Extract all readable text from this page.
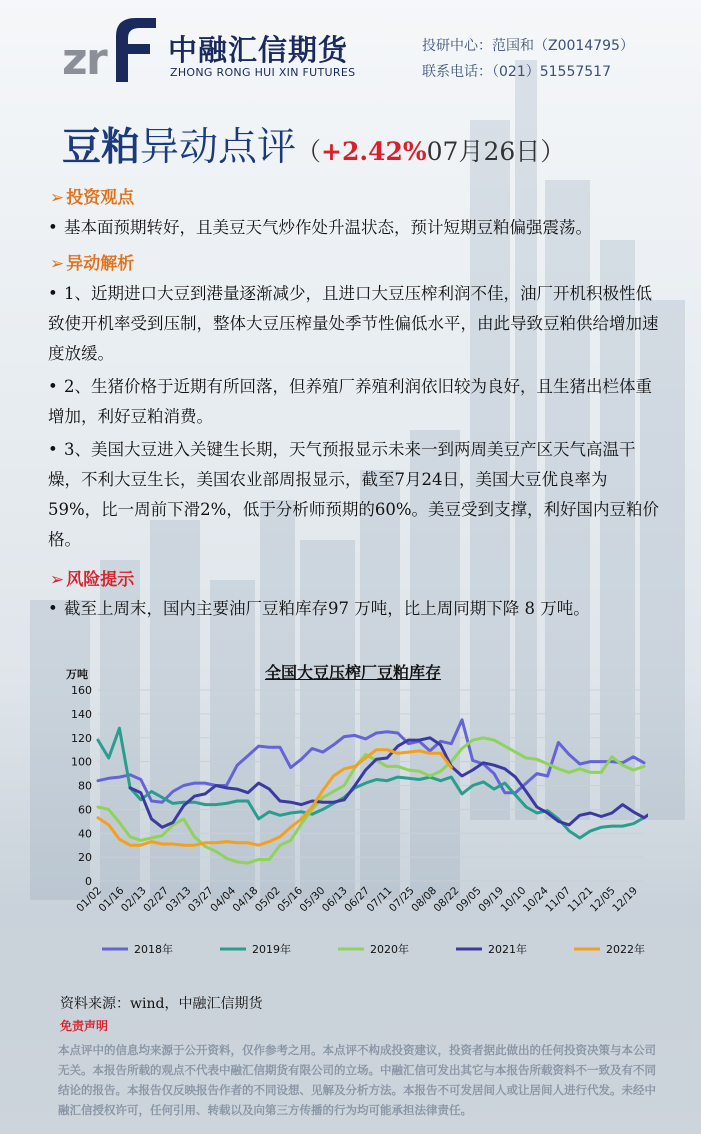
z
r 中融汇信期货
ZHONG RONG HUI XIN FUTURES
投研中心：范国和（Z0014795）
联系电话：（021）51557517
豆粕异动点评（+2.42%07月26日）
➢ 投资观点
• 基本面预期转好，且美豆天气炒作处升温状态，预计短期豆粕偏强震荡。
➢ 异动解析
• 1、近期进口大豆到港量逐渐减少，且进口大豆压榨利润不佳，油厂开机积极性低致使开机率受到压制，整体大豆压榨量处季节性偏低水平，由此导致豆粕供给增加速度放缓。
• 2、生猪价格于近期有所回落，但养殖厂养殖利润依旧较为良好，且生猪出栏体重增加，利好豆粕消费。
• 3、美国大豆进入关键生长期，天气预报显示未来一到两周美豆产区天气高温干燥，不利大豆生长，美国农业部周报显示，截至7月24日，美国大豆优良率为59%，比一周前下滑2%，低于分析师预期的60%。美豆受到支撑，利好国内豆粕价格。
➢ 风险提示
• 截至上周末，国内主要油厂豆粕库存97 万吨，比上周同期下降 8 万吨。
全国大豆压榨厂豆粕库存
万吨
0
20
40
60
80
100
120
140
160
01/02
01/16
02/13
02/27
03/13
03/27
04/04
04/18
05/02
05/16
05/30
06/13
06/27
07/11
07/25
08/08
08/22
09/05
09/19
10/10
10/24
11/07
11/21
12/05
12/19
2018年	2019年	2020年	2021年	2022年
资料来源：wind，中融汇信期货
免责声明
本点评中的信息均来源于公开资料，仅作参考之用。本点评不构成投资建议，投资者据此做出的任何投资决策与本公司无关。本报告所载的观点不代表中融汇信期货有限公司的立场。中融汇信可发出其它与本报告所载资料不一致及有不同结论的报告。本报告仅反映报告作者的不同设想、见解及分析方法。本报告不可发居间人或让居间人进行代发。未经中融汇信授权许可，任何引用、转载以及向第三方传播的行为均可能承担法律责任。
